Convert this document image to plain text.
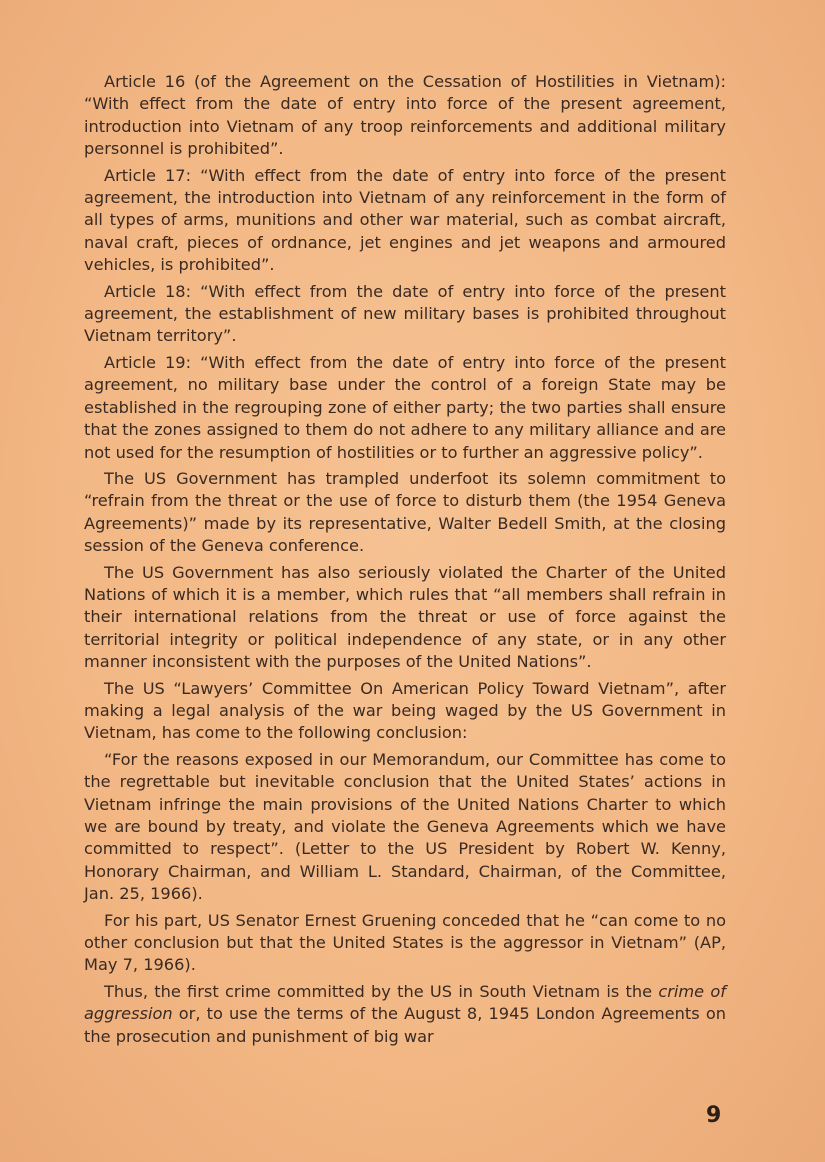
Article 16 (of the Agreement on the Cessation of Hostilities in Vietnam): “With effect from the date of entry into force of the present agreement, introduction into Vietnam of any troop reinforcements and additional military personnel is prohibited”.

Article 17: “With effect from the date of entry into force of the present agreement, the introduction into Vietnam of any reinforcement in the form of all types of arms, munitions and other war material, such as combat aircraft, naval craft, pieces of ordnance, jet engines and jet weapons and armoured vehicles, is prohibited”.

Article 18: “With effect from the date of entry into force of the present agreement, the establishment of new military bases is prohibited throughout Vietnam territory”.

Article 19: “With effect from the date of entry into force of the present agreement, no military base under the control of a foreign State may be established in the regrouping zone of either party; the two parties shall ensure that the zones assigned to them do not adhere to any military alliance and are not used for the resumption of hostilities or to further an aggressive policy”.

The US Government has trampled underfoot its solemn commitment to “refrain from the threat or the use of force to disturb them (the 1954 Geneva Agreements)” made by its representative, Walter Bedell Smith, at the closing session of the Geneva conference.

The US Government has also seriously violated the Charter of the United Nations of which it is a member, which rules that “all members shall refrain in their international relations from the threat or use of force against the territorial integrity or political independence of any state, or in any other manner inconsistent with the purposes of the United Nations”.

The US “Lawyers’ Committee On American Policy Toward Vietnam”, after making a legal analysis of the war being waged by the US Government in Vietnam, has come to the following conclusion:

“For the reasons exposed in our Memorandum, our Committee has come to the regrettable but inevitable conclusion that the United States’ actions in Vietnam infringe the main provisions of the United Nations Charter to which we are bound by treaty, and violate the Geneva Agreements which we have committed to respect”. (Letter to the US President by Robert W. Kenny, Honorary Chairman, and William L. Standard, Chairman, of the Committee, Jan. 25, 1966).

For his part, US Senator Ernest Gruening conceded that he “can come to no other conclusion but that the United States is the aggressor in Vietnam” (AP, May 7, 1966).

Thus, the first crime committed by the US in South Vietnam is the crime of aggression or, to use the terms of the August 8, 1945 London Agreements on the prosecution and punishment of big war

9
